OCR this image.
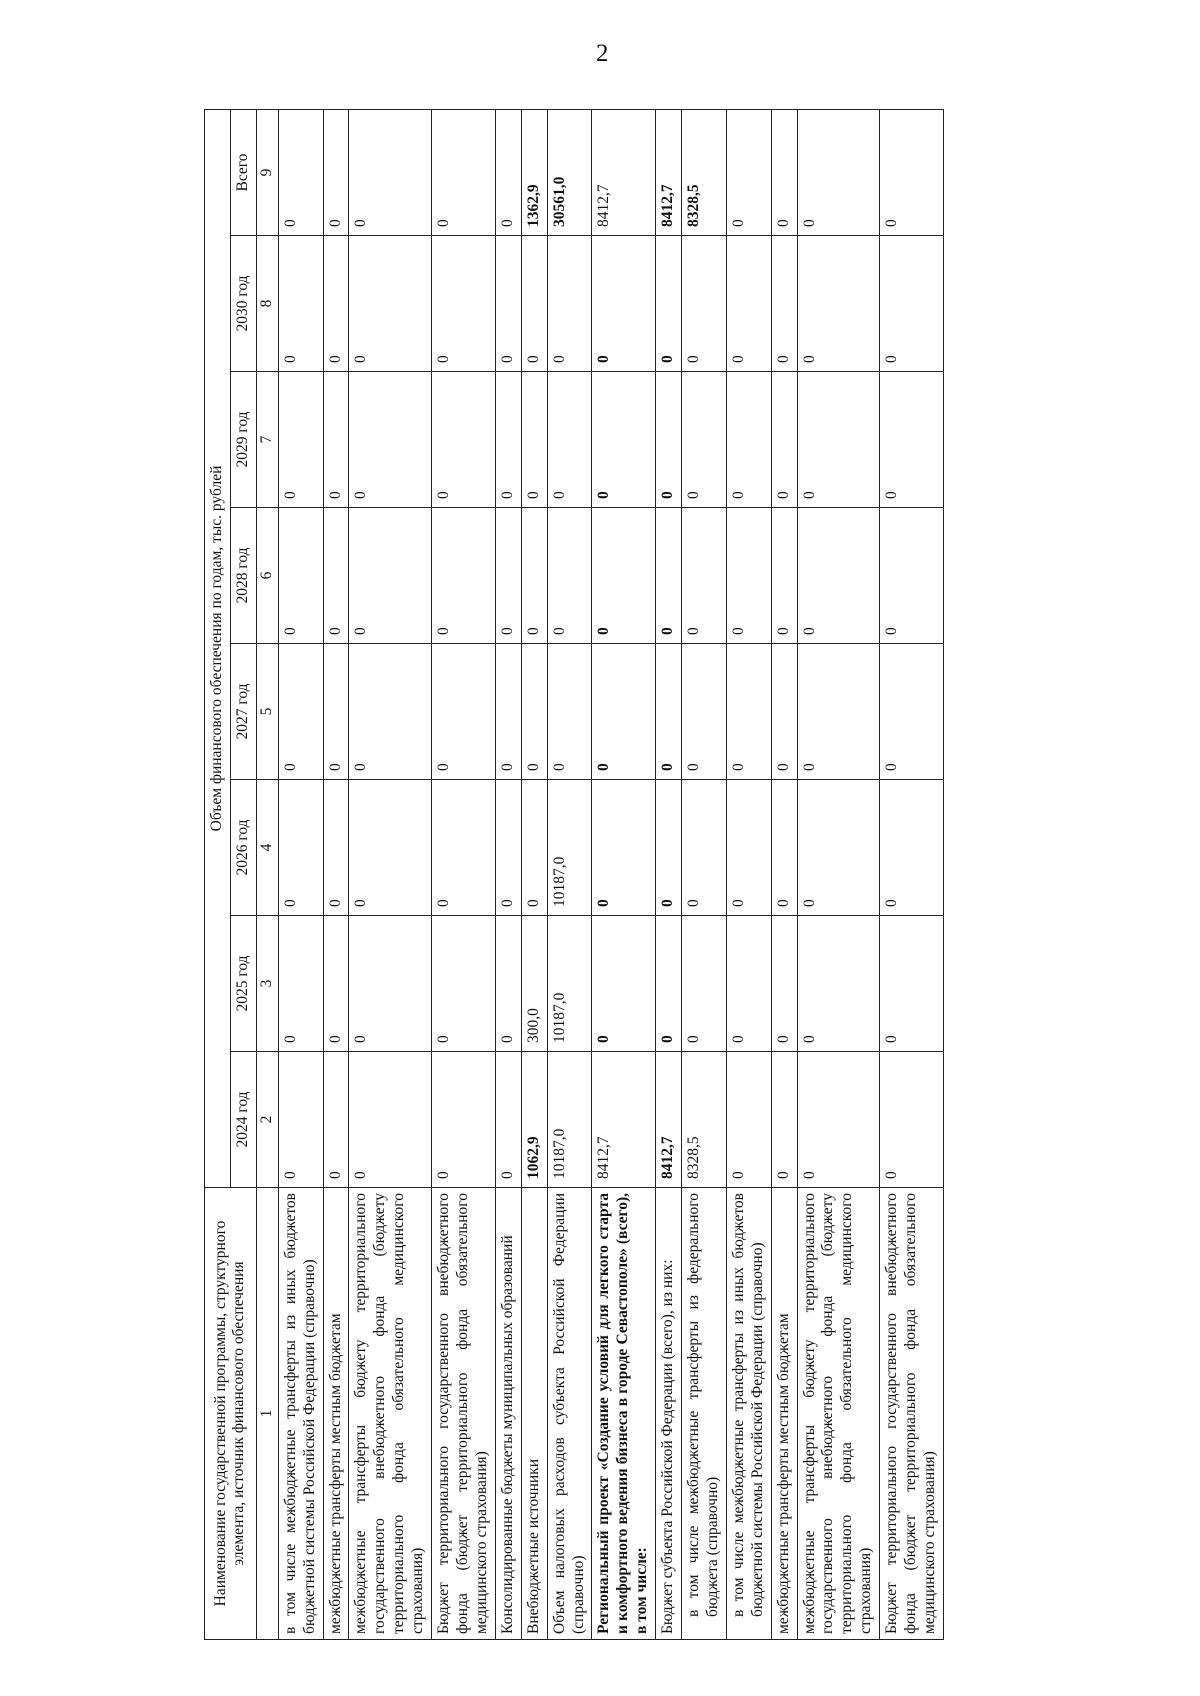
2
Наименование государственной программы, структурного элемента, источник финансового обеспечения	Объем финансового обеспечения по годам, тыс. рублей							
	2024 год	2025 год	2026 год	2027 год	2028 год	2029 год	2030 год	Всего
1	2	3	4	5	6	7	8	9
в том числе межбюджетные трансферты из иных бюджетов бюджетной системы Российской Федерации (справочно)	0	0	0	0	0	0	0	0
межбюджетные трансферты местным бюджетам	0	0	0	0	0	0	0	0
межбюджетные трансферты бюджету территориального государственного внебюджетного фонда (бюджету территориального фонда обязательного медицинского страхования)	0	0	0	0	0	0	0	0
Бюджет территориального государственного внебюджетного фонда (бюджет территориального фонда обязательного медицинского страхования)	0	0	0	0	0	0	0	0
Консолидированные бюджеты муниципальных образований	0	0	0	0	0	0	0	0
Внебюджетные источники	1062,9	300,0	0	0	0	0	0	1362,9
Объем налоговых расходов субъекта Российской Федерации (справочно)	10187,0	10187,0	10187,0	0	0	0	0	30561,0
Региональный проект «Создание условий для легкого старта и комфортного ведения бизнеса в городе Севастополе» (всего), в том числе:	8412,7	0	0	0	0	0	0	8412,7
Бюджет субъекта Российской Федерации (всего), из них:	8412,7	0	0	0	0	0	0	8412,7
в том числе межбюджетные трансферты из федерального бюджета (справочно)	8328,5	0	0	0	0	0	0	8328,5
в том числе межбюджетные трансферты из иных бюджетов бюджетной системы Российской Федерации (справочно)	0	0	0	0	0	0	0	0
межбюджетные трансферты местным бюджетам	0	0	0	0	0	0	0	0
межбюджетные трансферты бюджету территориального государственного внебюджетного фонда (бюджету территориального фонда обязательного медицинского страхования)	0	0	0	0	0	0	0	0
Бюджет территориального государственного внебюджетного фонда (бюджет территориального фонда обязательного медицинского страхования)	0	0	0	0	0	0	0	0
